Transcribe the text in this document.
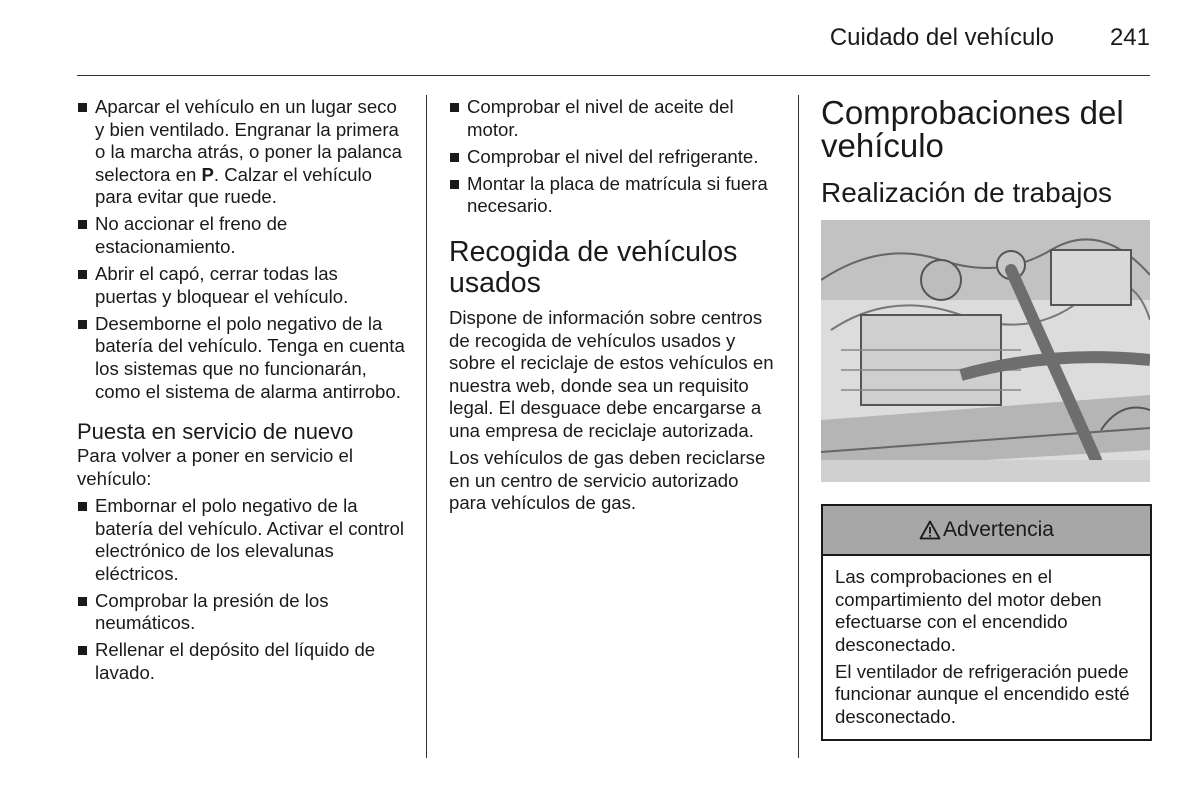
Cuidado del vehículo 241
Aparcar el vehículo en un lugar seco y bien ventilado. Engranar la primera o la marcha atrás, o poner la palanca selectora en P. Calzar el vehículo para evitar que ruede.
No accionar el freno de estacionamiento.
Abrir el capó, cerrar todas las puertas y bloquear el vehículo.
Desemborne el polo negativo de la batería del vehículo. Tenga en cuenta los sistemas que no funcionarán, como el sistema de alarma antirrobo.
Puesta en servicio de nuevo

Para volver a poner en servicio el vehículo:

Embornar el polo negativo de la batería del vehículo. Activar el control electrónico de los elevalunas eléctricos.
Comprobar la presión de los neumáticos.
Rellenar el depósito del líquido de lavado.
Comprobar el nivel de aceite del motor.
Comprobar el nivel del refrigerante.
Montar la placa de matrícula si fuera necesario.
Recogida de vehículos usados

Dispone de información sobre centros de recogida de vehículos usados y sobre el reciclaje de estos vehículos en nuestra web, donde sea un requisito legal. El desguace debe encargarse a una empresa de reciclaje autorizada.

Los vehículos de gas deben reciclarse en un centro de servicio autorizado para vehículos de gas.

Comprobaciones del vehículo
Realización de trabajos
Advertencia

Las comprobaciones en el compartimiento del motor deben efectuarse con el encendido desconectado.

El ventilador de refrigeración puede funcionar aunque el encendido esté desconectado.
